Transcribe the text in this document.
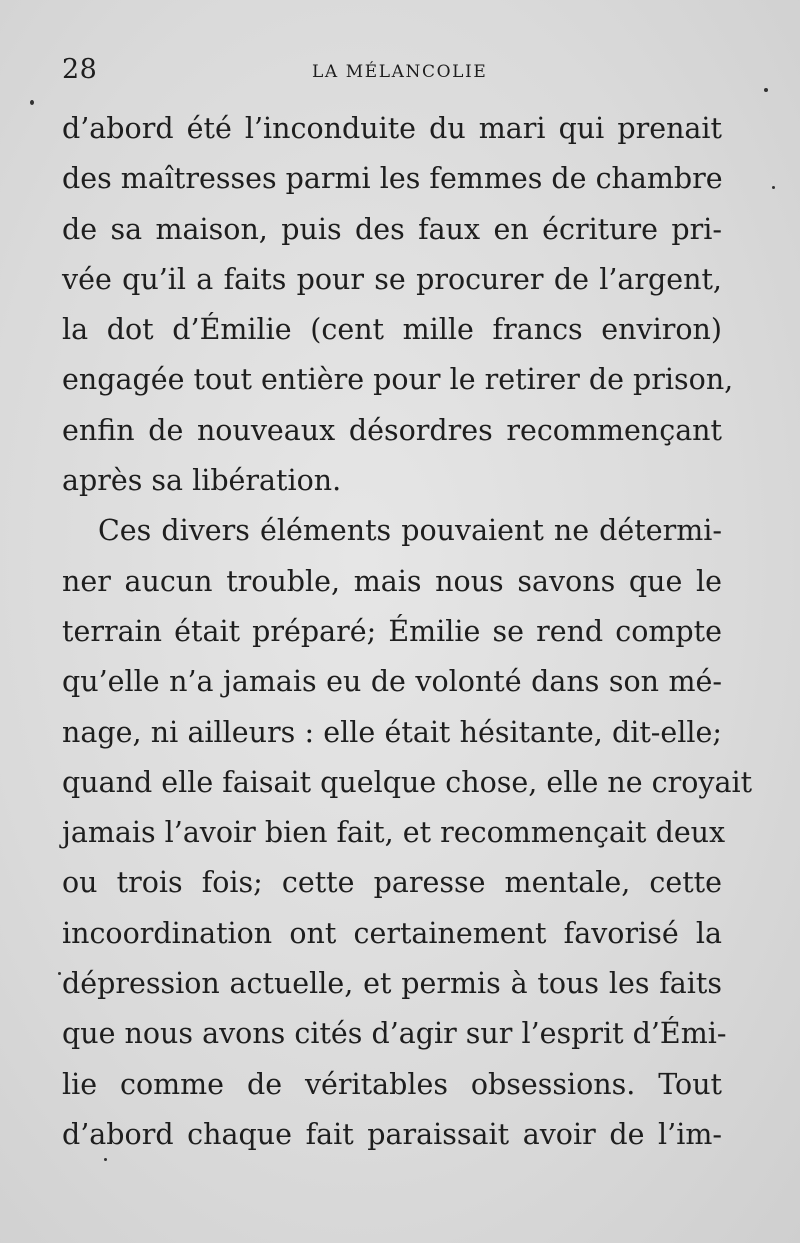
28	LA MÉLANCOLIE
d’abord été l’inconduite du mari qui prenait
des maîtresses parmi les femmes de chambre
de sa maison, puis des faux en écriture pri-
vée qu’il a faits pour se procurer de l’argent,
la dot d’Émilie (cent mille francs environ)
engagée tout entière pour le retirer de prison,
enfin de nouveaux désordres recommençant
après sa libération.
Ces divers éléments pouvaient ne détermi-
ner aucun trouble, mais nous savons que le
terrain était préparé; Émilie se rend compte
qu’elle n’a jamais eu de volonté dans son mé-
nage, ni ailleurs : elle était hésitante, dit-elle;
quand elle faisait quelque chose, elle ne croyait
jamais l’avoir bien fait, et recommençait deux
ou trois fois; cette paresse mentale, cette
incoordination ont certainement favorisé la
dépression actuelle, et permis à tous les faits
que nous avons cités d’agir sur l’esprit d’Émi-
lie comme de véritables obsessions. Tout
d’abord chaque fait paraissait avoir de l’im-
